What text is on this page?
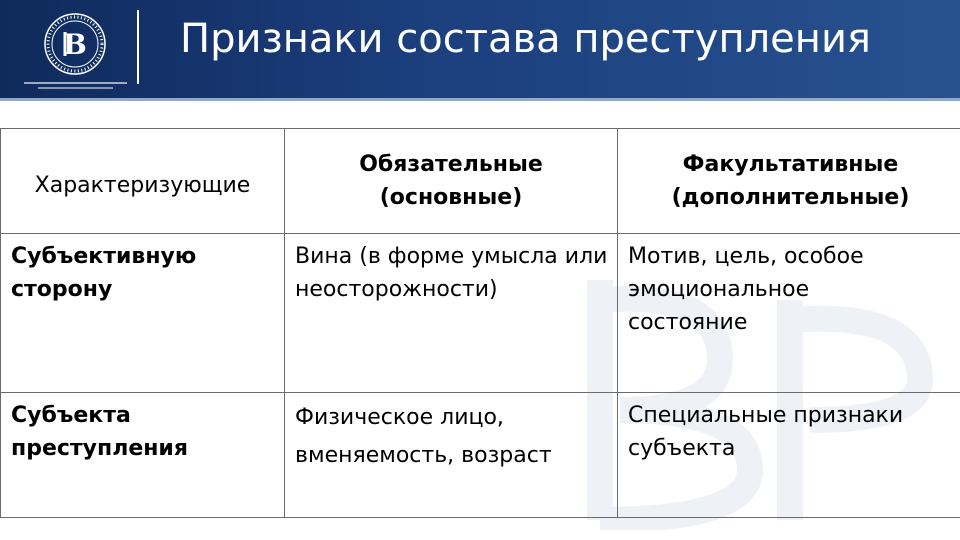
В Признаки состава преступления
Характеризующие	Обязательные (основные)	Факультативные (дополнительные)

Субъективную сторону	Вина (в форме умысла или неосторожности)	Мотив, цель, особое эмоциональное состояние

Субъекта преступления	Физическое лицо, вменяемость, возраст	Специальные признаки субъекта
